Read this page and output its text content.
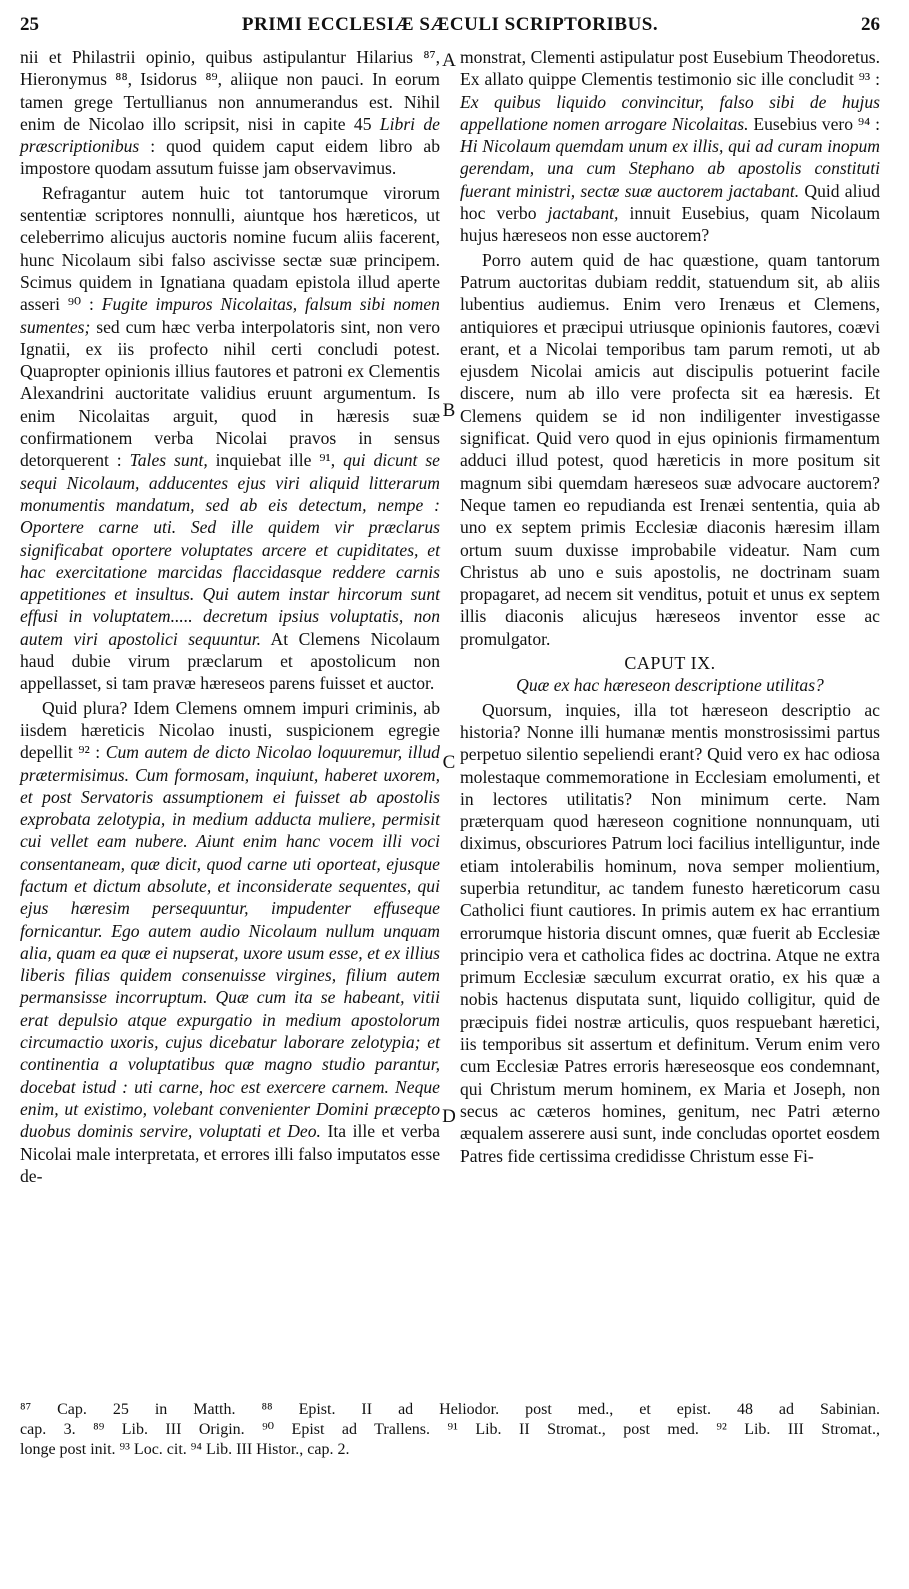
25	PRIMI ECCLESIÆ SÆCULI SCRIPTORIBUS.	26

nii et Philastrii opinio, quibus astipulantur Hilarius ⁸⁷, Hieronymus ⁸⁸, Isidorus ⁸⁹, aliique non pauci. In eorum tamen grege Tertullianus non annumerandus est. Nihil enim de Nicolao illo scripsit, nisi in capite 45 Libri de præscriptionibus : quod quidem caput eidem libro ab impostore quodam assutum fuisse jam observavimus.

Refragantur autem huic tot tantorumque virorum sententiæ scriptores nonnulli, aiuntque hos hæreticos, ut celeberrimo alicujus auctoris nomine fucum aliis facerent, hunc Nicolaum sibi falso ascivisse sectæ suæ principem. Scimus quidem in Ignatiana quadam epistola illud aperte asseri ⁹⁰ : Fugite impuros Nicolaitas, falsum sibi nomen sumentes; sed cum hæc verba interpolatoris sint, non vero Ignatii, ex iis profecto nihil certi concludi potest. Quapropter opinionis illius fautores et patroni ex Clementis Alexandrini auctoritate validius eruunt argumentum. Is enim Nicolaitas arguit, quod in hæresis suæ confirmationem verba Nicolai pravos in sensus detorquerent : Tales sunt, inquiebat ille ⁹¹, qui dicunt se sequi Nicolaum, adducentes ejus viri aliquid litterarum monumentis mandatum, sed ab eis detectum, nempe : Oportere carne uti. Sed ille quidem vir præclarus significabat oportere voluptates arcere et cupiditates, et hac exercitatione marcidas flaccidasque reddere carnis appetitiones et insultus. Qui autem instar hircorum sunt effusi in voluptatem..... decretum ipsius voluptatis, non autem viri apostolici sequuntur. At Clemens Nicolaum haud dubie virum præclarum et apostolicum non appellasset, si tam pravæ hæreseos parens fuisset et auctor.

Quid plura? Idem Clemens omnem impuri criminis, ab iisdem hæreticis Nicolao inusti, suspicionem egregie depellit ⁹² : Cum autem de dicto Nicolao loquuremur, illud prætermisimus. Cum formosam, inquiunt, haberet uxorem, et post Servatoris assumptionem ei fuisset ab apostolis exprobata zelotypia, in medium adducta muliere, permisit cui vellet eam nubere. Aiunt enim hanc vocem illi voci consentaneam, quæ dicit, quod carne uti oporteat, ejusque factum et dictum absolute, et inconsiderate sequentes, qui ejus hæresim persequuntur, impudenter effuseque fornicantur. Ego autem audio Nicolaum nullum unquam alia, quam ea quæ ei nupserat, uxore usum esse, et ex illius liberis filias quidem consenuisse virgines, filium autem permansisse incorruptum. Quæ cum ita se habeant, vitii erat depulsio atque expurgatio in medium apostolorum circumactio uxoris, cujus dicebatur laborare zelotypia; et continentia a voluptatibus quæ magno studio parantur, docebat istud : uti carne, hoc est exercere carnem. Neque enim, ut existimo, volebant convenienter Domini præcepto duobus dominis servire, voluptati et Deo. Ita ille et verba Nicolai male interpretata, et errores illi falso imputatos esse de-

A
B
C
D

monstrat, Clementi astipulatur post Eusebium Theodoretus. Ex allato quippe Clementis testimonio sic ille concludit ⁹³ : Ex quibus liquido convincitur, falso sibi de hujus appellatione nomen arrogare Nicolaitas. Eusebius vero ⁹⁴ : Hi Nicolaum quemdam unum ex illis, qui ad curam inopum gerendam, una cum Stephano ab apostolis constituti fuerant ministri, sectæ suæ auctorem jactabant. Quid aliud hoc verbo jactabant, innuit Eusebius, quam Nicolaum hujus hæreseos non esse auctorem?

Porro autem quid de hac quæstione, quam tantorum Patrum auctoritas dubiam reddit, statuendum sit, ab aliis lubentius audiemus. Enim vero Irenæus et Clemens, antiquiores et præcipui utriusque opinionis fautores, coævi erant, et a Nicolai temporibus tam parum remoti, ut ab ejusdem Nicolai amicis aut discipulis potuerint facile discere, num ab illo vere profecta sit ea hæresis. Et Clemens quidem se id non indiligenter investigasse significat. Quid vero quod in ejus opinionis firmamentum adduci illud potest, quod hæreticis in more positum sit magnum sibi quemdam hæreseos suæ advocare auctorem? Neque tamen eo repudianda est Irenæi sententia, quia ab uno ex septem primis Ecclesiæ diaconis hæresim illam ortum suum duxisse improbabile videatur. Nam cum Christus ab uno e suis apostolis, ne doctrinam suam propagaret, ad necem sit venditus, potuit et unus ex septem illis diaconis alicujus hæreseos inventor esse ac promulgator.

CAPUT IX.
Quæ ex hac hæreseon descriptione utilitas?

Quorsum, inquies, illa tot hæreseon descriptio ac historia? Nonne illi humanæ mentis monstrosissimi partus perpetuo silentio sepeliendi erant? Quid vero ex hac odiosa molestaque commemoratione in Ecclesiam emolumenti, et in lectores utilitatis? Non minimum certe. Nam præterquam quod hæreseon cognitione nonnunquam, uti diximus, obscuriores Patrum loci facilius intelliguntur, inde etiam intolerabilis hominum, nova semper molientium, superbia retunditur, ac tandem funesto hæreticorum casu Catholici fiunt cautiores. In primis autem ex hac errantium errorumque historia discunt omnes, quæ fuerit ab Ecclesiæ principio vera et catholica fides ac doctrina. Atque ne extra primum Ecclesiæ sæculum excurrat oratio, ex his quæ a nobis hactenus disputata sunt, liquido colligitur, quid de præcipuis fidei nostræ articulis, quos respuebant hæretici, iis temporibus sit assertum et definitum. Verum enim vero cum Ecclesiæ Patres erroris hæreseosque eos condemnant, qui Christum merum hominem, ex Maria et Joseph, non secus ac cæteros homines, genitum, nec Patri æterno æqualem asserere ausi sunt, inde concludas oportet eosdem Patres fide certissima credidisse Christum esse Fi-

⁸⁷ Cap. 25 in Matth. ⁸⁸ Epist. II ad Heliodor. post med., et epist. 48 ad Sabinian.

cap. 3. ⁸⁹ Lib. III Origin. ⁹⁰ Epist ad Trallens. ⁹¹ Lib. II Stromat., post med. ⁹² Lib. III Stromat.,

longe post init. ⁹³ Loc. cit. ⁹⁴ Lib. III Histor., cap. 2.
